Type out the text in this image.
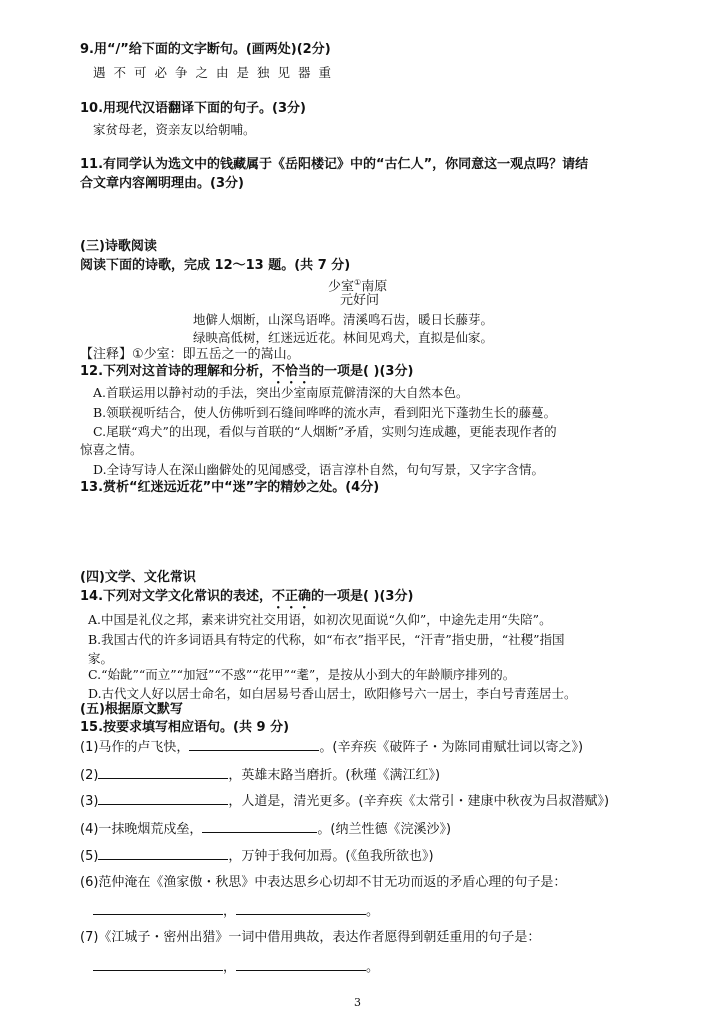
9.用“/”给下面的文字断句。(画两处)(2分)
遇不可必争之由是独见器重
10.用现代汉语翻译下面的句子。(3分)
家贫母老，资亲友以给朝哺。
11.有同学认为选文中的钱藏属于《岳阳楼记》中的“古仁人”，你同意这一观点吗？请结
合文章内容阐明理由。(3分)
(三)诗歌阅读
阅读下面的诗歌，完成 12～13 题。(共 7 分)
少室①南原
元好问
地僻人烟断，山深鸟语哗。清溪鸣石齿，暖日长藤芽。
绿映高低树，红迷远近花。林间见鸡犬，直拟是仙家。
【注释】①少室：即五岳之一的嵩山。
12.下列对这首诗的理解和分析，不恰当的一项是( )(3分)
A.首联运用以静衬动的手法，突出少室南原荒僻清深的大自然本色。
B.领联视听结合，使人仿佛听到石缝间哗哗的流水声，看到阳光下蓬勃生长的藤蔓。
C.尾联“鸡犬”的出现，看似与首联的“人烟断”矛盾，实则匀连成趣，更能表现作者的
惊喜之情。
D.全诗写诗人在深山幽僻处的见闻感受，语言淳朴自然，句句写景，又字字含情。
13.赏析“红迷远近花”中“迷”字的精妙之处。(4分)
(四)文学、文化常识
14.下列对文学文化常识的表述，不正确的一项是( )(3分)
A.中国是礼仪之邦，素来讲究社交用语，如初次见面说“久仰”，中途先走用“失陪”。
B.我国古代的许多词语具有特定的代称，如“布衣”指平民，“汗青”指史册，“社稷”指国
家。
C.“始龀”“而立”“加冠”“不惑”“花甲”“耄”，是按从小到大的年龄顺序排列的。
D.古代文人好以居士命名，如白居易号香山居士，欧阳修号六一居士，李白号青莲居士。
(五)根据原文默写
15.按要求填写相应语句。(共 9 分)
(1)马作的卢飞快，	。(辛弃疾《破阵子・为陈同甫赋壮词以寄之》)
(2)	，英雄末路当磨折。(秋瑾《满江红》)
(3)	，人道是，清光更多。(辛弃疾《太常引・建康中秋夜为吕叔潜赋》)
(4)一抹晚烟荒戍垒，	。(纳兰性德《浣溪沙》)
(5)	，万钟于我何加焉。(《鱼我所欲也》)
(6)范仲淹在《渔家傲・秋思》中表达思乡心切却不甘无功而返的矛盾心理的句子是：
，	。
(7)《江城子・密州出猎》一词中借用典故，表达作者愿得到朝廷重用的句子是：
，	。
3
